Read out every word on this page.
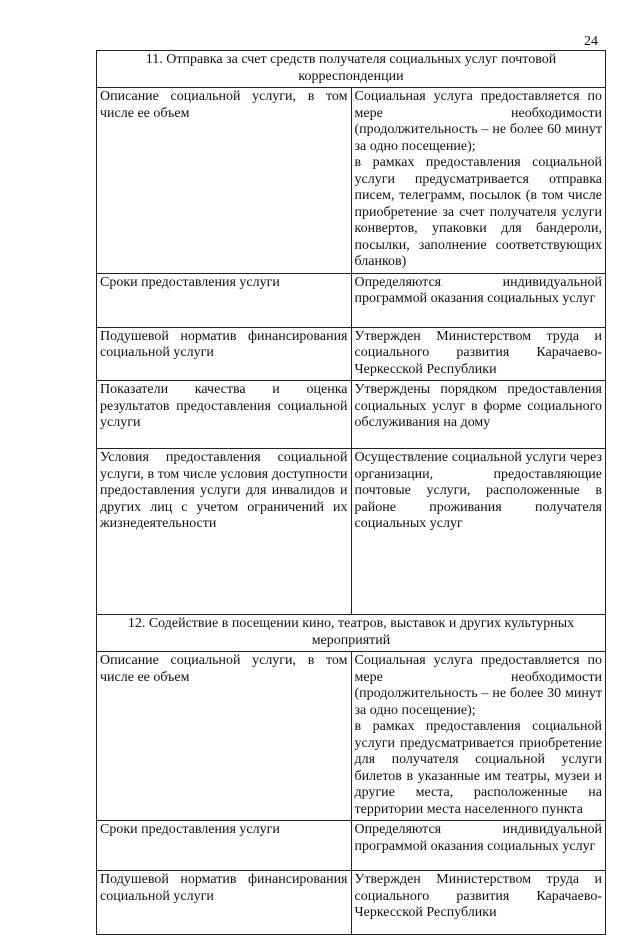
24
11. Отправка за счет средств получателя социальных услуг почтовой корреспонденции	
Описание социальной услуги, в том числе ее объем	Социальная услуга предоставляется по мере необходимости (продолжительность – не более 60 минут за одно посещение);
в рамках предоставления социальной услуги предусматривается отправка писем, телеграмм, посылок (в том числе приобретение за счет получателя услуги конвертов, упаковки для бандероли, посылки, заполнение соответствующих бланков)

Сроки предоставления услуги	Определяются индивидуальной программой оказания социальных услуг

Подушевой норматив финансирования социальной услуги	Утвержден Министерством труда и социального развития Карачаево-Черкесской Республики

Показатели качества и оценка результатов предоставления социальной услуги	Утверждены порядком предоставления социальных услуг в форме социального обслуживания на дому

Условия предоставления социальной услуги, в том числе условия доступности предоставления услуги для инвалидов и других лиц с учетом ограничений их жизнедеятельности	Осуществление социальной услуги через организации, предоставляющие почтовые услуги, расположенные в районе проживания получателя социальных услуг

12. Содействие в посещении кино, театров, выставок и других культурных мероприятий	
Описание социальной услуги, в том числе ее объем	Социальная услуга предоставляется по мере необходимости (продолжительность – не более 30 минут за одно посещение);
в рамках предоставления социальной услуги предусматривается приобретение для получателя социальной услуги билетов в указанные им театры, музеи и другие места, расположенные на территории места населенного пункта

Сроки предоставления услуги	Определяются индивидуальной программой оказания социальных услуг

Подушевой норматив финансирования социальной услуги	Утвержден Министерством труда и социального развития Карачаево-Черкесской Республики
